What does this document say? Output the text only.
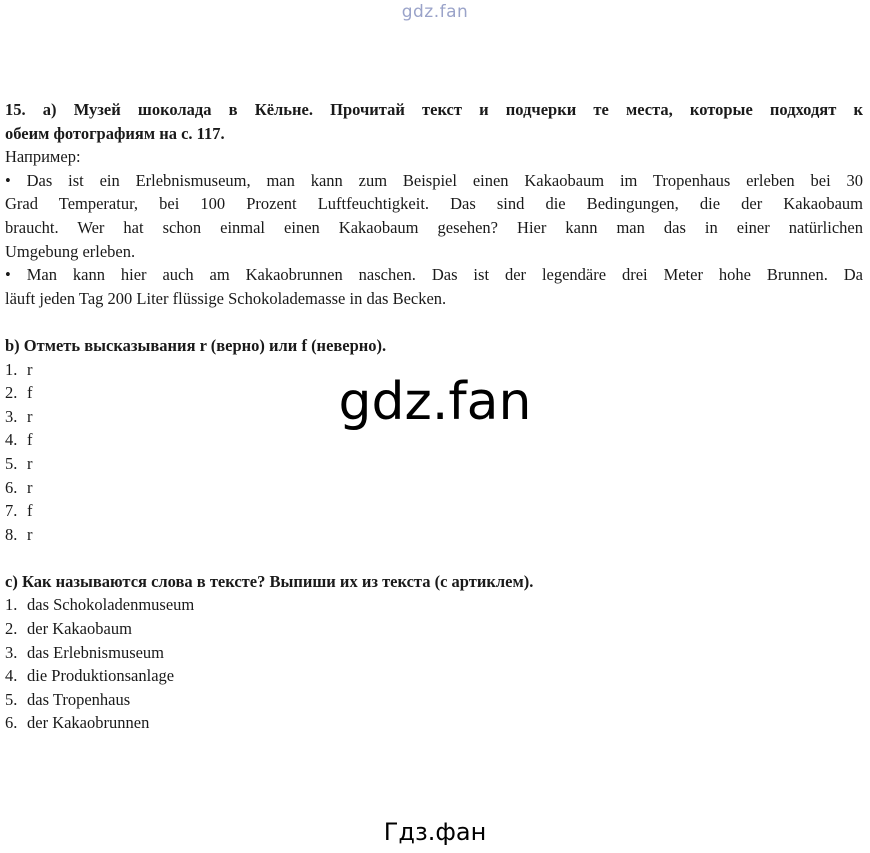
gdz.fan
15. a) Музей шоколада в Кёльне. Прочитай текст и подчерки те места, которые подходят к
обеим фотографиям на с. 117.
Например:
• Das ist ein Erlebnismuseum, man kann zum Beispiel einen Kakaobaum im Tropenhaus erleben bei 30
Grad Temperatur, bei 100 Prozent Luftfeuchtigkeit. Das sind die Bedingungen, die der Kakaobaum
braucht. Wer hat schon einmal einen Kakaobaum gesehen? Hier kann man das in einer natürlichen
Umgebung erleben.
• Man kann hier auch am Kakaobrunnen naschen. Das ist der legendäre drei Meter hohe Brunnen. Da
läuft jeden Tag 200 Liter flüssige Schokolademasse in das Becken.
b) Отметь высказывания r (верно) или f (неверно).
1. r
2. f
3. r
4. f
5. r
6. r
7. f
8. r
c) Как называются слова в тексте? Выпиши их из текста (с артиклем).
1. das Schokoladenmuseum
2. der Kakaobaum
3. das Erlebnismuseum
4. die Produktionsanlage
5. das Tropenhaus
6. der Kakaobrunnen
gdz.fan
Гдз.фан
